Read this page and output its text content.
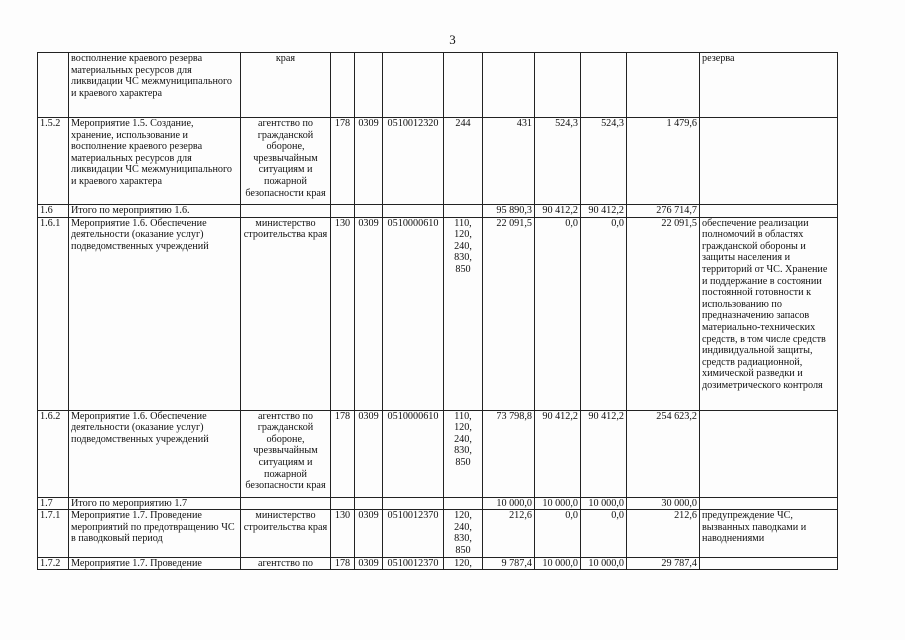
3
	восполнение краевого резерва материальных ресурсов для ликвидации ЧС межмуниципального и краевого характера	края									резерва
1.5.2	Мероприятие 1.5. Создание, хранение, использование и восполнение краевого резерва материальных ресурсов для ликвидации ЧС межмуниципального и краевого характера	агентство по гражданской обороне, чрезвычайным ситуациям и пожарной безопасности края	178	0309	0510012320	244	431	524,3	524,3	1 479,6	
1.6	Итого по мероприятию 1.6.						95 890,3	90 412,2	90 412,2	276 714,7	
1.6.1	Мероприятие 1.6. Обеспечение деятельности (оказание услуг) подведомственных учреждений	министерство строительства края	130	0309	0510000610	110, 120, 240, 830, 850	22 091,5	0,0	0,0	22 091,5	обеспечение реализации полномочий в областях гражданской обороны и защиты населения и территорий от ЧС. Хранение и поддержание в состоянии постоянной готовности к использованию по предназначению запасов материально-технических средств, в том числе средств индивидуальной защиты, средств радиационной, химической разведки и дозиметрического контроля
1.6.2	Мероприятие 1.6. Обеспечение деятельности (оказание услуг) подведомственных учреждений	агентство по гражданской обороне, чрезвычайным ситуациям и пожарной безопасности края	178	0309	0510000610	110, 120, 240, 830, 850	73 798,8	90 412,2	90 412,2	254 623,2	
1.7	Итого по мероприятию 1.7						10 000,0	10 000,0	10 000,0	30 000,0	
1.7.1	Мероприятие 1.7. Проведение мероприятий по предотвращению ЧС в паводковый период	министерство строительства края	130	0309	0510012370	120, 240, 830, 850	212,6	0,0	0,0	212,6	предупреждение ЧС, вызванных паводками и наводнениями
1.7.2	Мероприятие 1.7. Проведение	агентство по	178	0309	0510012370	120,	9 787,4	10 000,0	10 000,0	29 787,4	
